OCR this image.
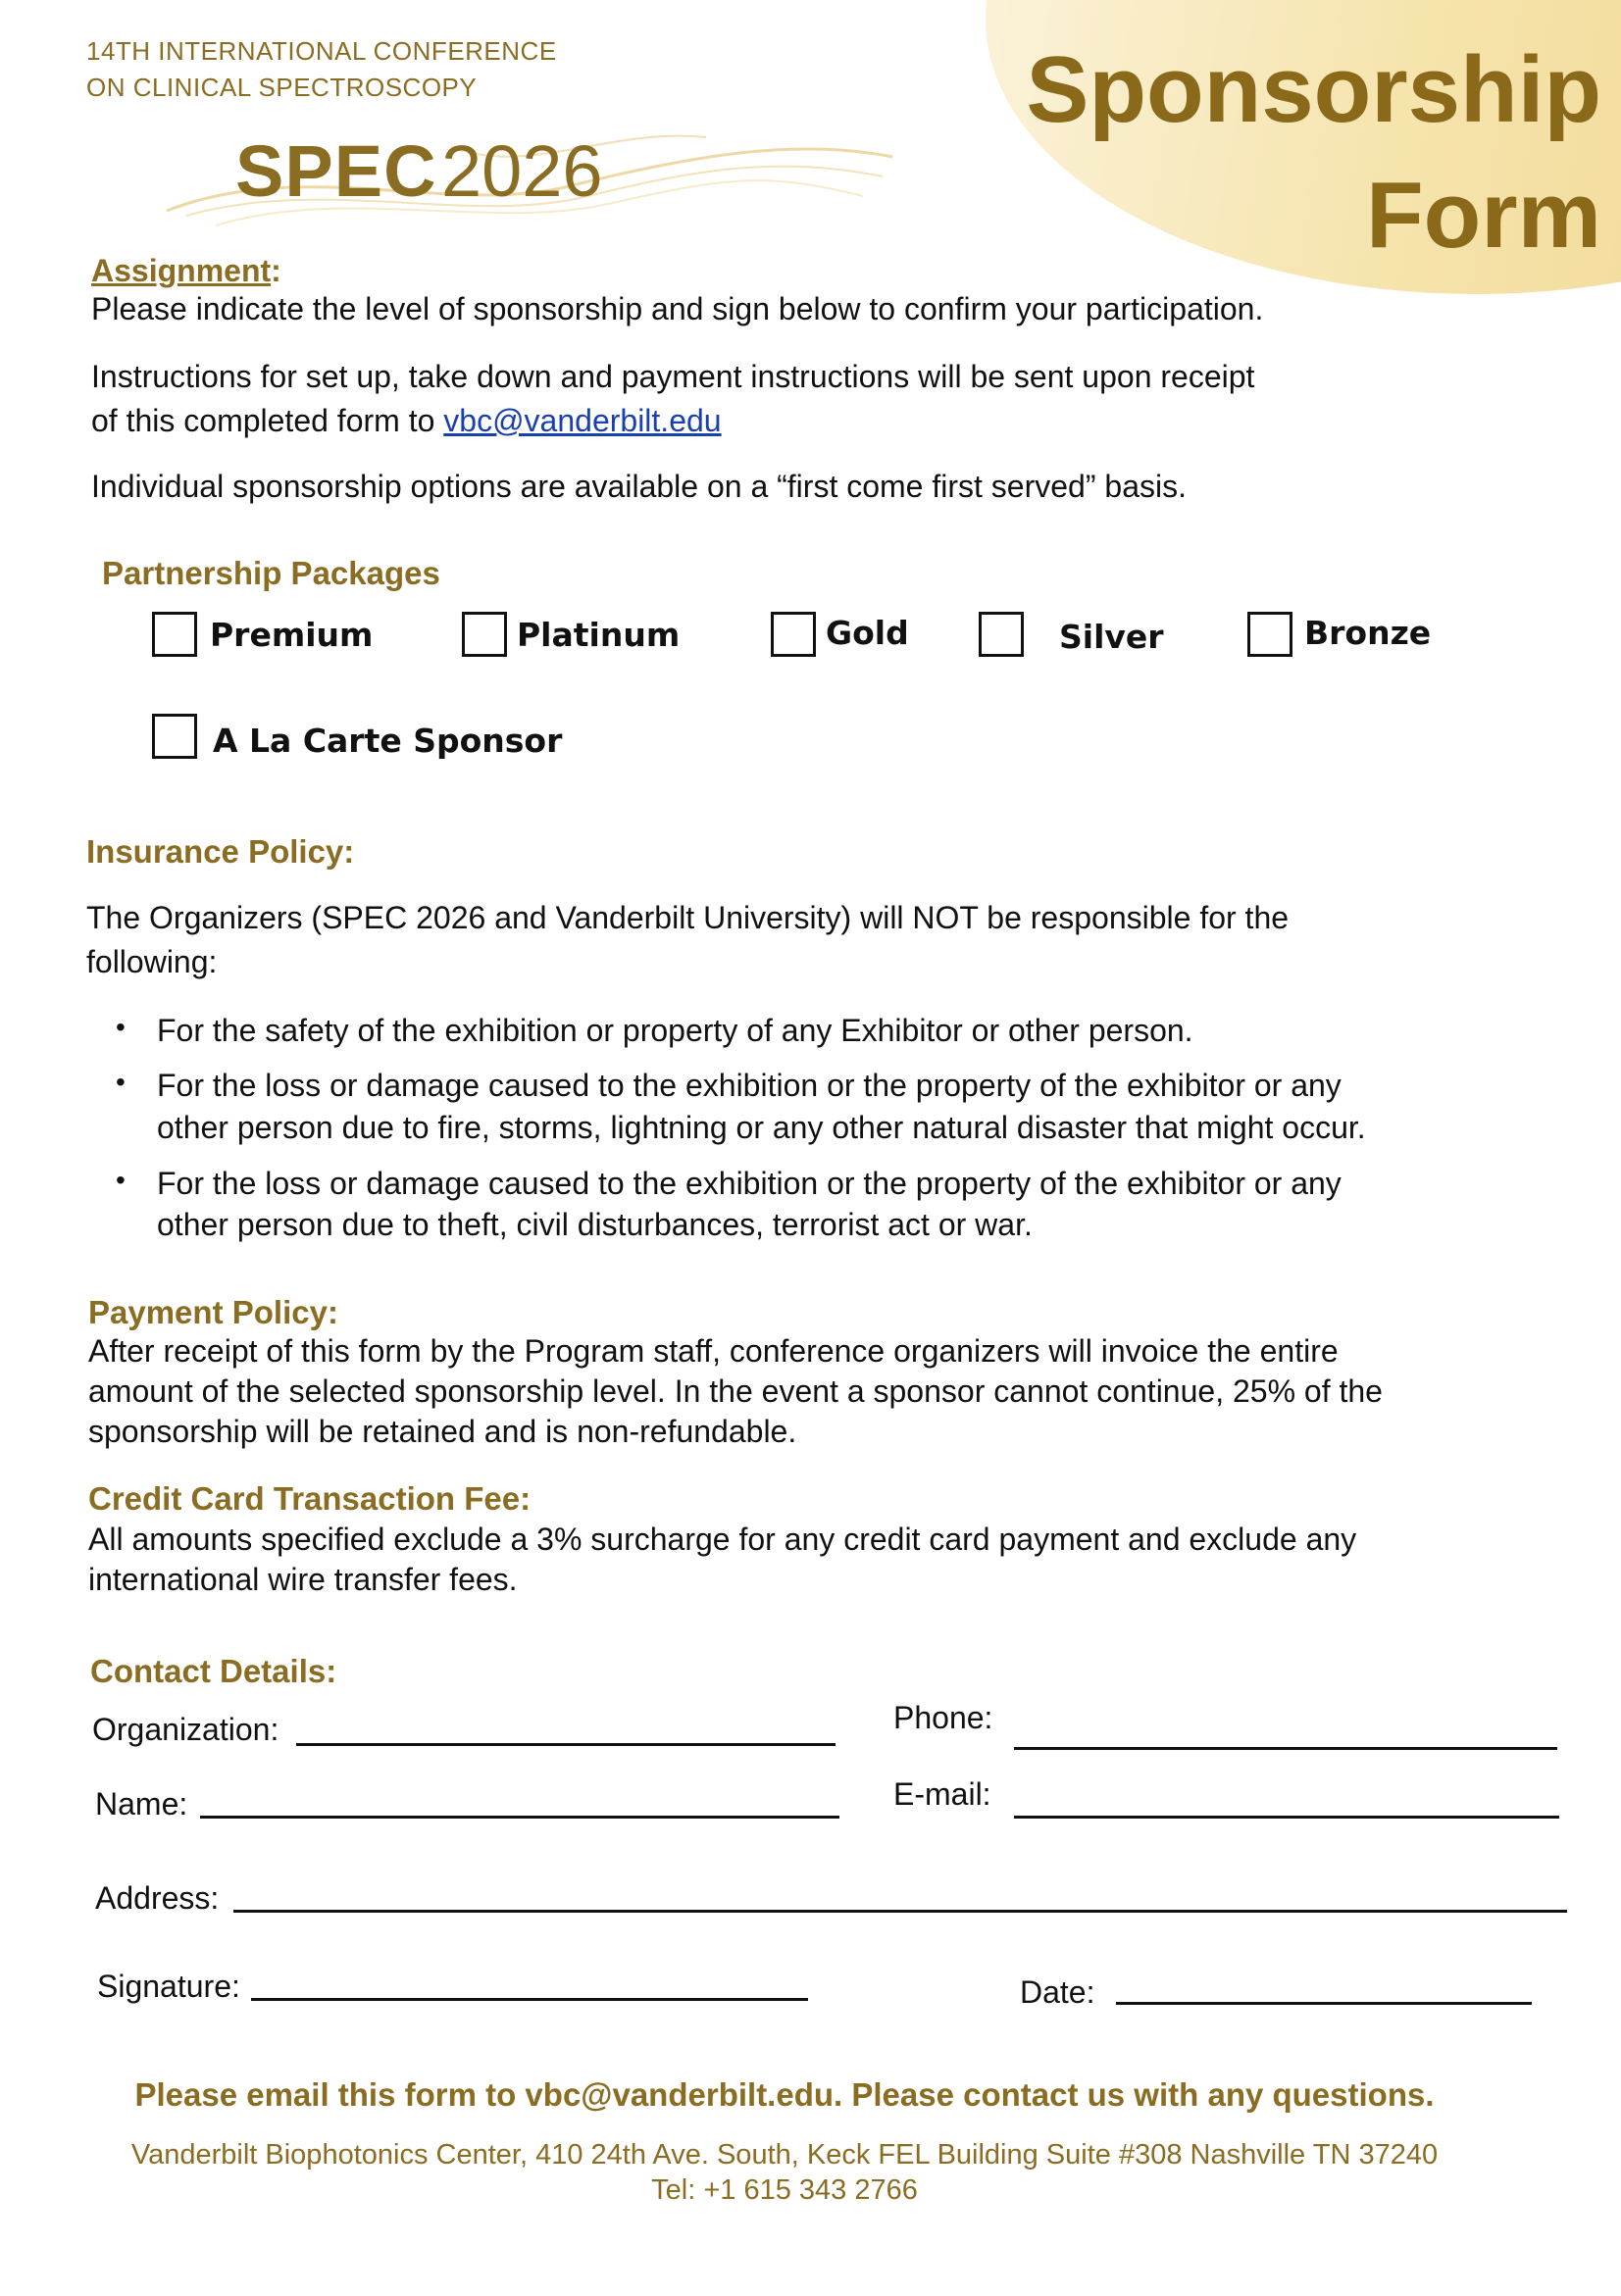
Sponsorship
Form
14TH INTERNATIONAL CONFERENCE
ON CLINICAL SPECTROSCOPY
SPEC 2026
Assignment:
Please indicate the level of sponsorship and sign below to confirm your participation.
Instructions for set up, take down and payment instructions will be sent upon receipt
of this completed form to vbc@vanderbilt.edu
Individual sponsorship options are available on a “first come first served” basis.
Partnership Packages
Premium	Platinum	Gold	Silver	Bronze
A La Carte Sponsor
Insurance Policy:
The Organizers (SPEC 2026 and Vanderbilt University) will NOT be responsible for the
following:
• For the safety of the exhibition or property of any Exhibitor or other person.
• For the loss or damage caused to the exhibition or the property of the exhibitor or any
other person due to fire, storms, lightning or any other natural disaster that might occur.
• For the loss or damage caused to the exhibition or the property of the exhibitor or any
other person due to theft, civil disturbances, terrorist act or war.
Payment Policy:
After receipt of this form by the Program staff, conference organizers will invoice the entire
amount of the selected sponsorship level. In the event a sponsor cannot continue, 25% of the
sponsorship will be retained and is non-refundable.
Credit Card Transaction Fee:
All amounts specified exclude a 3% surcharge for any credit card payment and exclude any
international wire transfer fees.
Contact Details:
Organization:	Phone:
Name:	E-mail:
Address:
Signature:	Date:
Please email this form to vbc@vanderbilt.edu. Please contact us with any questions.
Vanderbilt Biophotonics Center, 410 24th Ave. South, Keck FEL Building Suite #308 Nashville TN 37240
Tel: +1 615 343 2766
